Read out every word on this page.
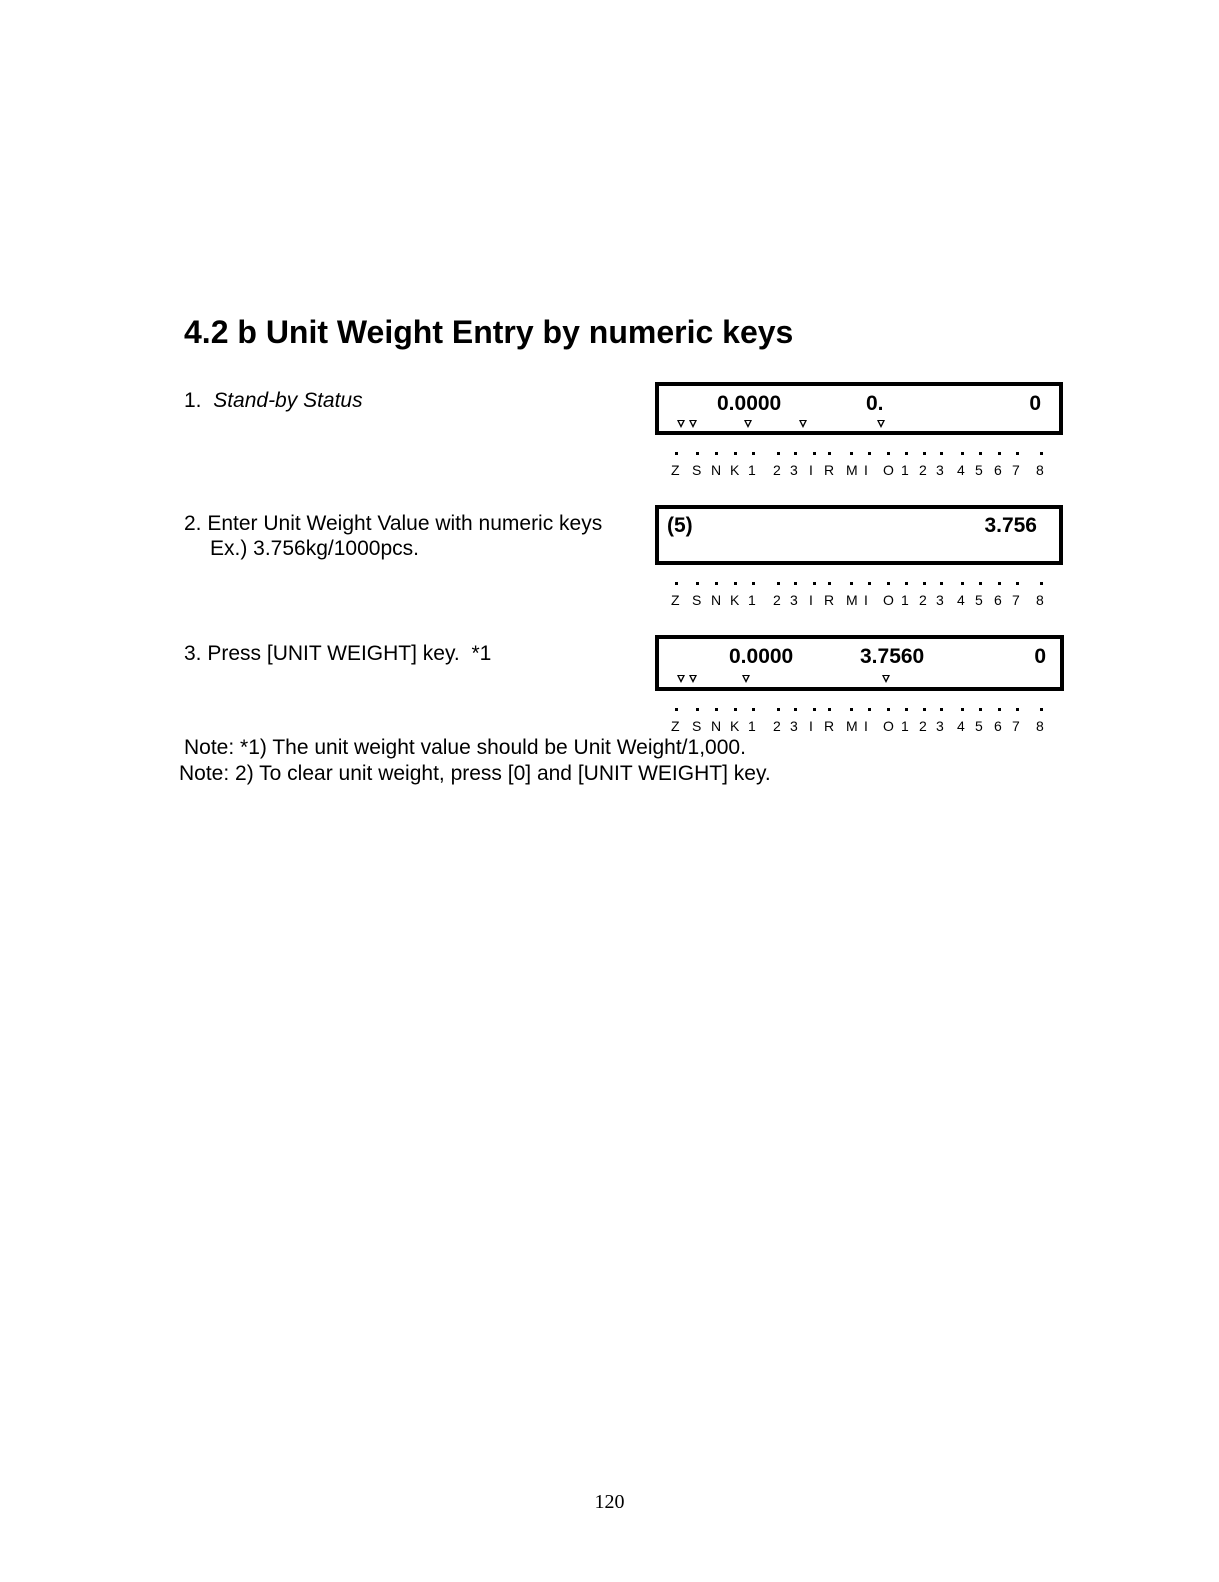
4.2 b Unit Weight Entry by numeric keys
1. Stand-by Status	0.0000	0.	0
Z S N K 1 2 3 I R M I O 1 2 3 4 5 6 7 8
2. Enter Unit Weight Value with numeric keys
Ex.) 3.756kg/1000pcs.
(5)	3.756
Z S N K 1 2 3 I R M I O 1 2 3 4 5 6 7 8
3. Press [UNIT WEIGHT] key. *1	0.0000	3.7560	0
Z S N K 1 2 3 I R M I O 1 2 3 4 5 6 7 8
Note: *1) The unit weight value should be Unit Weight/1,000.
Note: 2) To clear unit weight, press [0] and [UNIT WEIGHT] key.
120
